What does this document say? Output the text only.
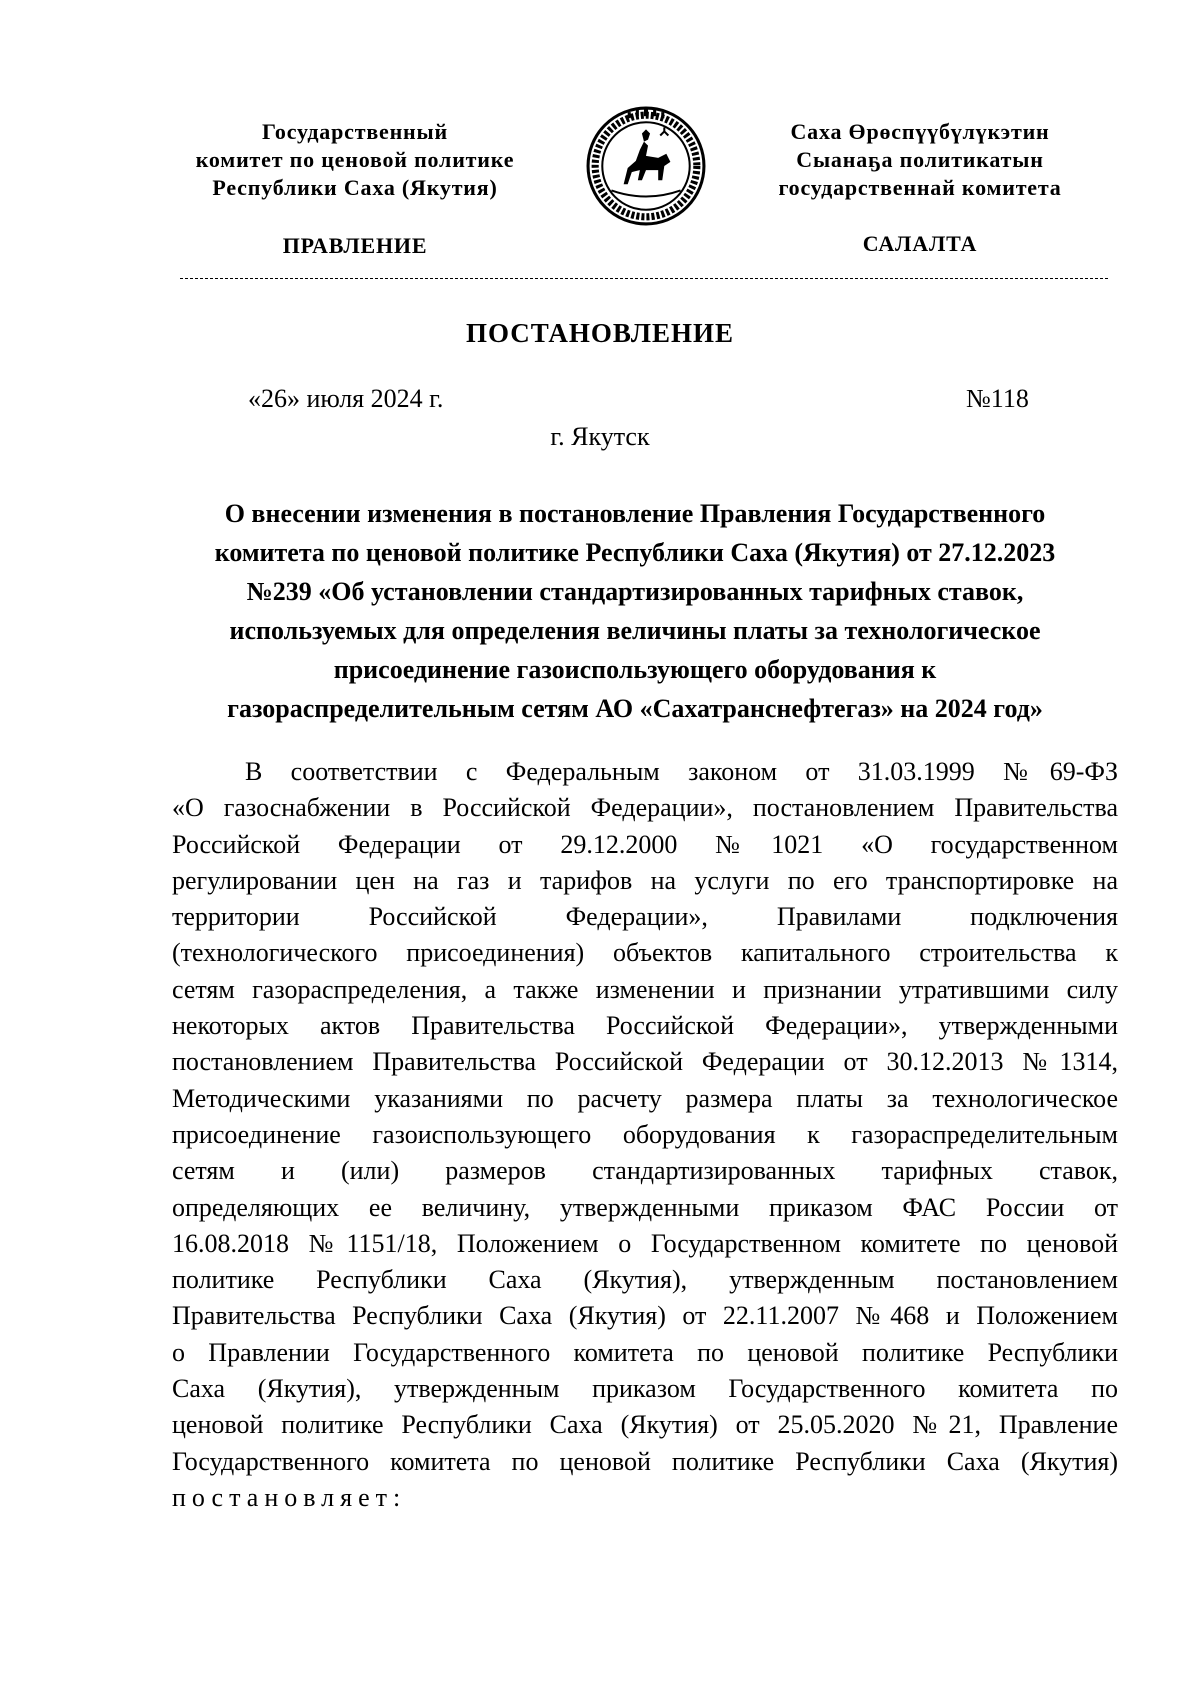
Государственный
комитет по ценовой политике
Республики Саха (Якутия)
ПРАВЛЕНИЕ
Саха Өрөспүүбүлүкэтин
Сыанаҕа политикатын
государственнай комитета
САЛАЛТА
ПОСТАНОВЛЕНИЕ
«26» июля 2024 г.	№118
г. Якутск
О внесении изменения в постановление Правления Государственного
комитета по ценовой политике Республики Саха (Якутия) от 27.12.2023
№239 «Об установлении стандартизированных тарифных ставок,
используемых для определения величины платы за технологическое
присоединение газоиспользующего оборудования к
газораспределительным сетям АО «Сахатранснефтегаз» на 2024 год»
В соответствии с Федеральным законом от 31.03.1999 №69-ФЗ
«О газоснабжении в Российской Федерации», постановлением Правительства
Российской Федерации от 29.12.2000 №1021 «О государственном
регулировании цен на газ и тарифов на услуги по его транспортировке на
территории Российской Федерации», Правилами подключения
(технологического присоединения) объектов капитального строительства к
сетям газораспределения, а также изменении и признании утратившими силу
некоторых актов Правительства Российской Федерации», утвержденными
постановлением Правительства Российской Федерации от 30.12.2013 №1314,
Методическими указаниями по расчету размера платы за технологическое
присоединение газоиспользующего оборудования к газораспределительным
сетям и (или) размеров стандартизированных тарифных ставок,
определяющих ее величину, утвержденными приказом ФАС России от
16.08.2018 №1151/18, Положением о Государственном комитете по ценовой
политике Республики Саха (Якутия), утвержденным постановлением
Правительства Республики Саха (Якутия) от 22.11.2007 №468 и Положением
о Правлении Государственного комитета по ценовой политике Республики
Саха (Якутия), утвержденным приказом Государственного комитета по
ценовой политике Республики Саха (Якутия) от 25.05.2020 №21, Правление
Государственного комитета по ценовой политике Республики Саха (Якутия)
постановляет:
